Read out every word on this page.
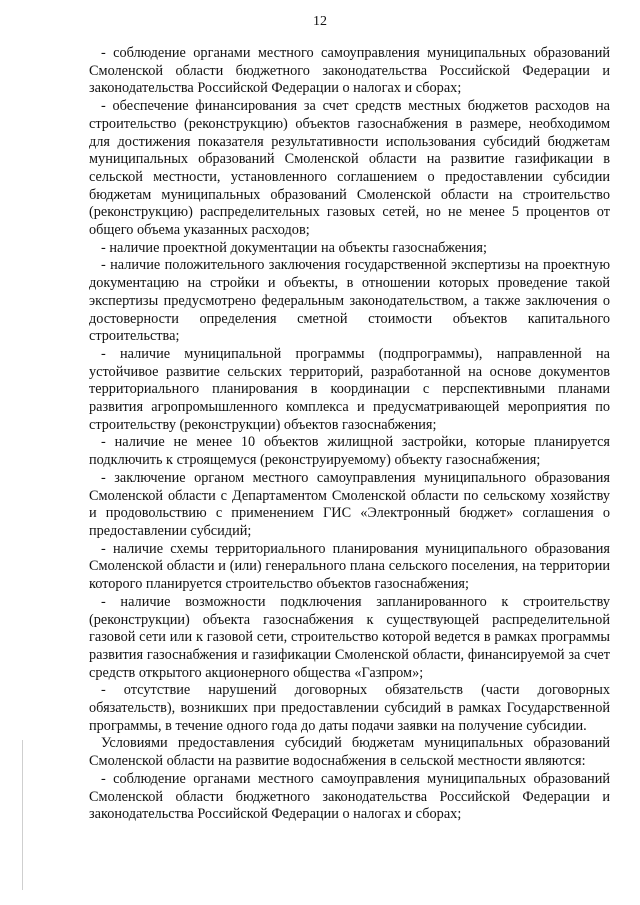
12

- соблюдение органами местного самоуправления муниципальных образований Смоленской области бюджетного законодательства Российской Федерации и законодательства Российской Федерации о налогах и сборах;

- обеспечение финансирования за счет средств местных бюджетов расходов на строительство (реконструкцию) объектов газоснабжения в размере, необходимом для достижения показателя результативности использования субсидий бюджетам муниципальных образований Смоленской области на развитие газификации в сельской местности, установленного соглашением о предоставлении субсидии бюджетам муниципальных образований Смоленской области на строительство (реконструкцию) распределительных газовых сетей, но не менее 5 процентов от общего объема указанных расходов;

- наличие проектной документации на объекты газоснабжения;

- наличие положительного заключения государственной экспертизы на проектную документацию на стройки и объекты, в отношении которых проведение такой экспертизы предусмотрено федеральным законодательством, а также заключения о достоверности определения сметной стоимости объектов капитального строительства;

- наличие муниципальной программы (подпрограммы), направленной на устойчивое развитие сельских территорий, разработанной на основе документов территориального планирования в координации с перспективными планами развития агропромышленного комплекса и предусматривающей мероприятия по строительству (реконструкции) объектов газоснабжения;

- наличие не менее 10 объектов жилищной застройки, которые планируется подключить к строящемуся (реконструируемому) объекту газоснабжения;

- заключение органом местного самоуправления муниципального образования Смоленской области с Департаментом Смоленской области по сельскому хозяйству и продовольствию с применением ГИС «Электронный бюджет» соглашения о предоставлении субсидий;

- наличие схемы территориального планирования муниципального образования Смоленской области и (или) генерального плана сельского поселения, на территории которого планируется строительство объектов газоснабжения;

- наличие возможности подключения запланированного к строительству (реконструкции) объекта газоснабжения к существующей распределительной газовой сети или к газовой сети, строительство которой ведется в рамках программы развития газоснабжения и газификации Смоленской области, финансируемой за счет средств открытого акционерного общества «Газпром»;

- отсутствие нарушений договорных обязательств (части договорных обязательств), возникших при предоставлении субсидий в рамках Государственной программы, в течение одного года до даты подачи заявки на получение субсидии.

Условиями предоставления субсидий бюджетам муниципальных образований Смоленской области на развитие водоснабжения в сельской местности являются:

- соблюдение органами местного самоуправления муниципальных образований Смоленской области бюджетного законодательства Российской Федерации и законодательства Российской Федерации о налогах и сборах;
